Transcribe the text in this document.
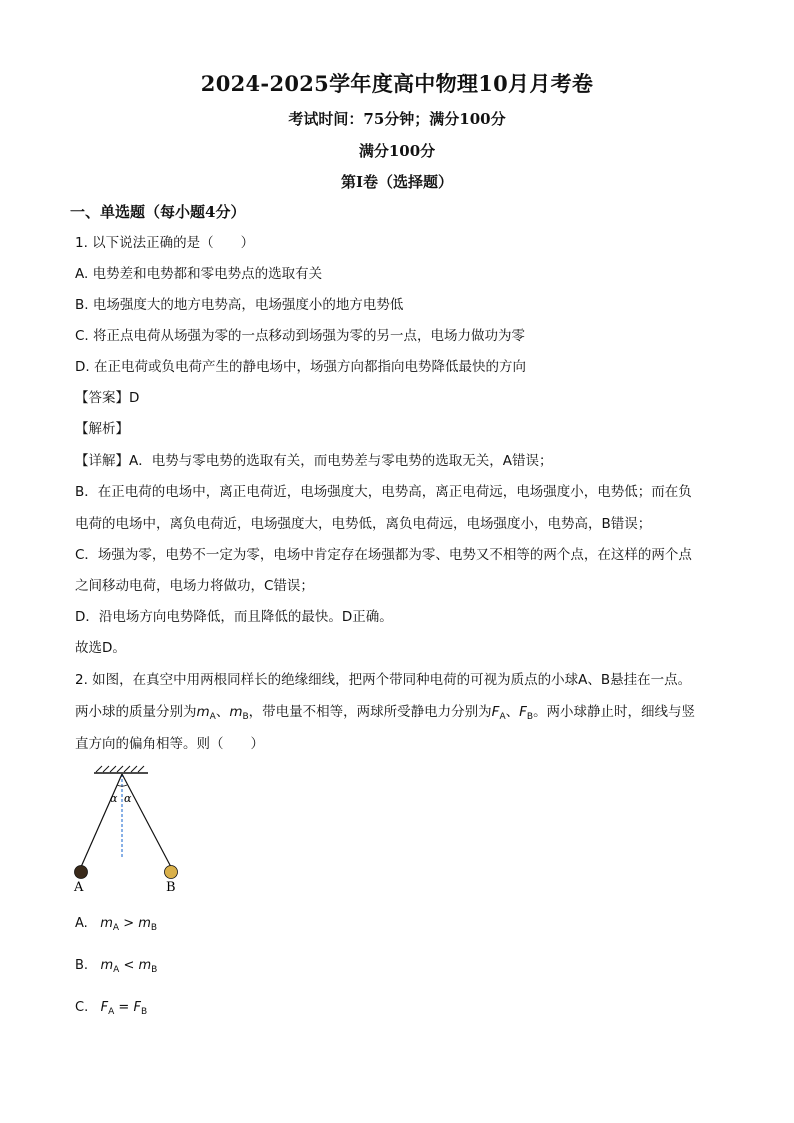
2024-2025学年度高中物理10月月考卷
考试时间：75分钟；满分100分
满分100分
第I卷（选择题）
一、单选题（每小题4分）
1. 以下说法正确的是（　　）
A. 电势差和电势都和零电势点的选取有关
B. 电场强度大的地方电势高，电场强度小的地方电势低
C. 将正点电荷从场强为零的一点移动到场强为零的另一点，电场力做功为零
D. 在正电荷或负电荷产生的静电场中，场强方向都指向电势降低最快的方向
【答案】D
【解析】
【详解】A．电势与零电势的选取有关，而电势差与零电势的选取无关，A错误；
B．在正电荷的电场中，离正电荷近，电场强度大，电势高，离正电荷远，电场强度小，电势低；而在负
电荷的电场中，离负电荷近，电场强度大，电势低，离负电荷远，电场强度小，电势高，B错误；
C．场强为零，电势不一定为零，电场中肯定存在场强都为零、电势又不相等的两个点，在这样的两个点
之间移动电荷，电场力将做功，C错误；
D．沿电场方向电势降低，而且降低的最快。D正确。
故选D。
2. 如图，在真空中用两根同样长的绝缘细线，把两个带同种电荷的可视为质点的小球A、B悬挂在一点。
两小球的质量分别为$m_A$、$m_B$，带电量不相等，两球所受静电力分别为$F_A$、$F_B$。两小球静止时，细线与竖
直方向的偏角相等。则（　　）
α α
A	B
A. $m_A > m_B$
B. $m_A < m_B$
C. $F_A = F_B$
